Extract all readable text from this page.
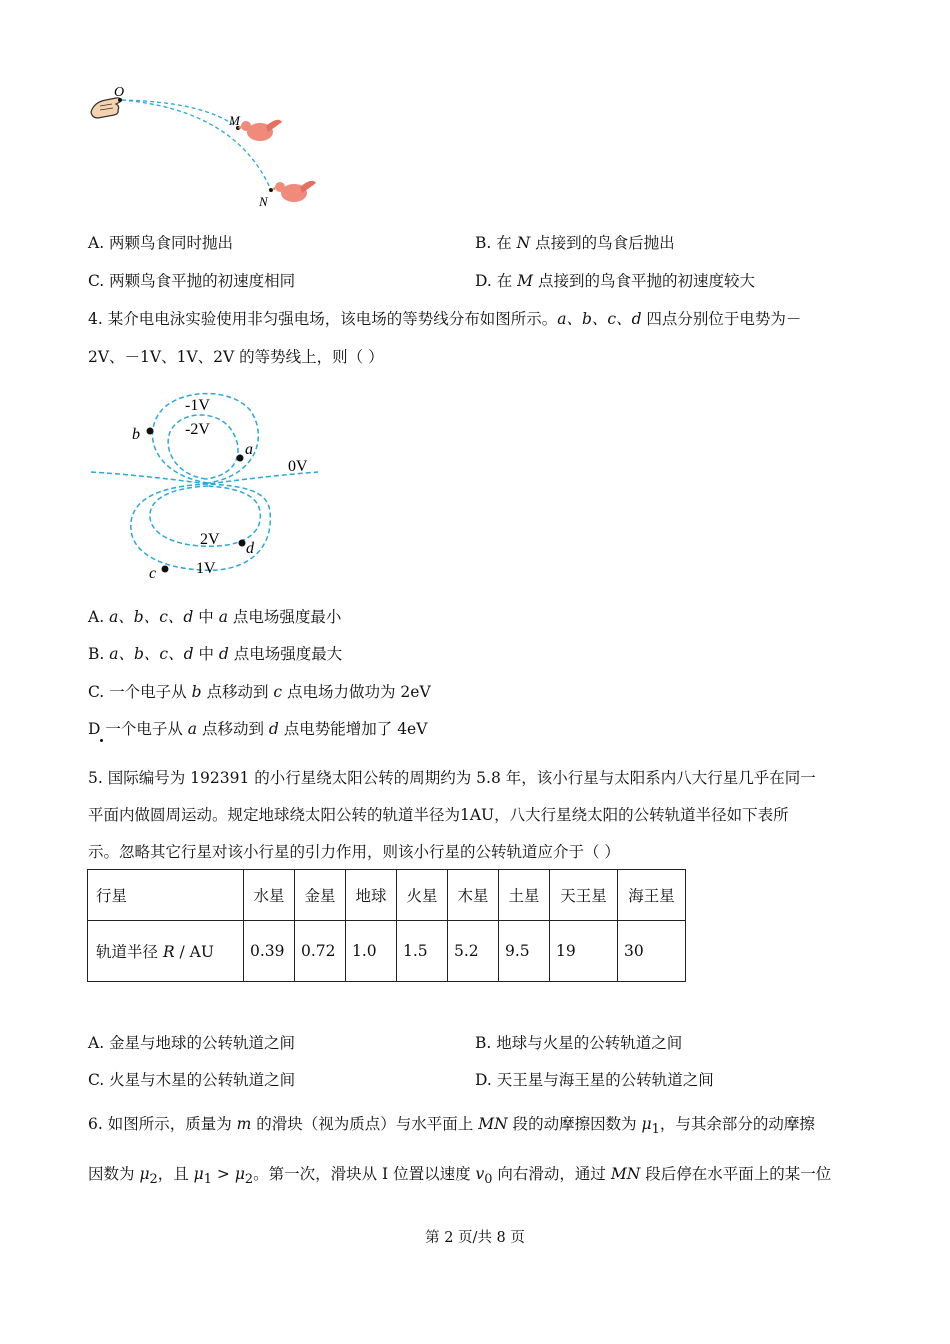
O
M
N
A. 两颗鸟食同时抛出	B. 在 N 点接到的鸟食后抛出
C. 两颗鸟食平抛的初速度相同	D. 在 M 点接到的鸟食平抛的初速度较大
4. 某介电电泳实验使用非匀强电场，该电场的等势线分布如图所示。a、b、c、d 四点分别位于电势为－
2V、－1V、1V、2V 的等势线上，则（ ）
b
a
d
c
-1V
-2V
0V
2V
1V
A. a、b、c、d 中 a 点电场强度最小
B. a、b、c、d 中 d 点电场强度最大
C. 一个电子从 b 点移动到 c 点电场力做功为 2eV
D 一个电子从 a 点移动到 d 点电势能增加了 4eV
5. 国际编号为 192391 的小行星绕太阳公转的周期约为 5.8 年，该小行星与太阳系内八大行星几乎在同一
平面内做圆周运动。规定地球绕太阳公转的轨道半径为1AU，八大行星绕太阳的公转轨道半径如下表所
示。忽略其它行星对该小行星的引力作用，则该小行星的公转轨道应介于（ ）
行星	水星	金星	地球	火星	木星	土星	天王星	海王星
轨道半径 R / AU	0.39	0.72	1.0	1.5	5.2	9.5	19	30
A. 金星与地球的公转轨道之间	B. 地球与火星的公转轨道之间
C. 火星与木星的公转轨道之间	D. 天王星与海王星的公转轨道之间
6. 如图所示，质量为 m 的滑块（视为质点）与水平面上 MN 段的动摩擦因数为 $\mu_1$，与其余部分的动摩擦
因数为 $\mu_2$，且 $\mu_1 > \mu_2$。第一次，滑块从 I 位置以速度 $v_0$ 向右滑动，通过 MN 段后停在水平面上的某一位
第 2 页/共 8 页
